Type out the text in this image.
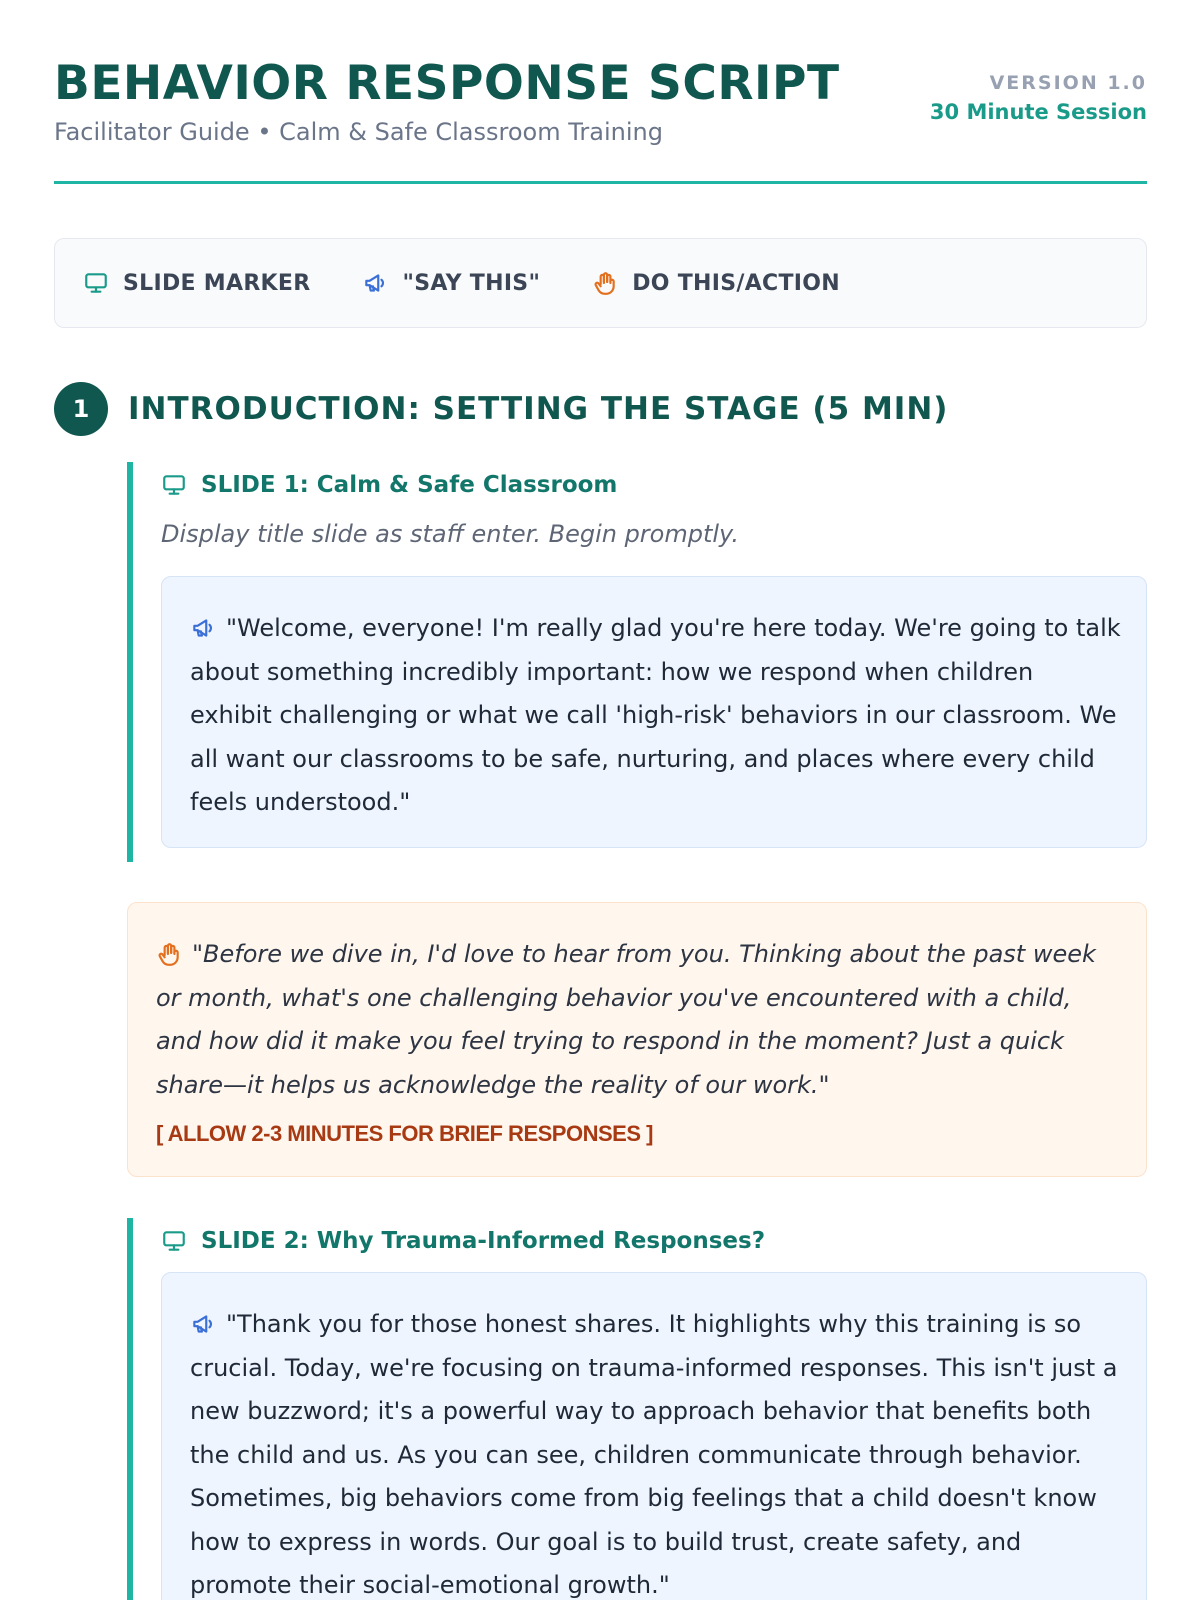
BEHAVIOR RESPONSE SCRIPT
Facilitator Guide • Calm & Safe Classroom Training
VERSION 1.0
30 Minute Session
SLIDE MARKER	"SAY THIS"	DO THIS/ACTION
1	INTRODUCTION: SETTING THE STAGE (5 MIN)
SLIDE 1: Calm & Safe Classroom
Display title slide as staff enter. Begin promptly.
"Welcome, everyone! I'm really glad you're here today. We're going to talk about something incredibly important: how we respond when children exhibit challenging or what we call 'high-risk' behaviors in our classroom. We all want our classrooms to be safe, nurturing, and places where every child feels understood."
"Before we dive in, I'd love to hear from you. Thinking about the past week or month, what's one challenging behavior you've encountered with a child, and how did it make you feel trying to respond in the moment? Just a quick share—it helps us acknowledge the reality of our work."
[ ALLOW 2-3 MINUTES FOR BRIEF RESPONSES ]
SLIDE 2: Why Trauma-Informed Responses?
"Thank you for those honest shares. It highlights why this training is so crucial. Today, we're focusing on trauma-informed responses. This isn't just a new buzzword; it's a powerful way to approach behavior that benefits both the child and us. As you can see, children communicate through behavior. Sometimes, big behaviors come from big feelings that a child doesn't know how to express in words. Our goal is to build trust, create safety, and promote their social-emotional growth."
